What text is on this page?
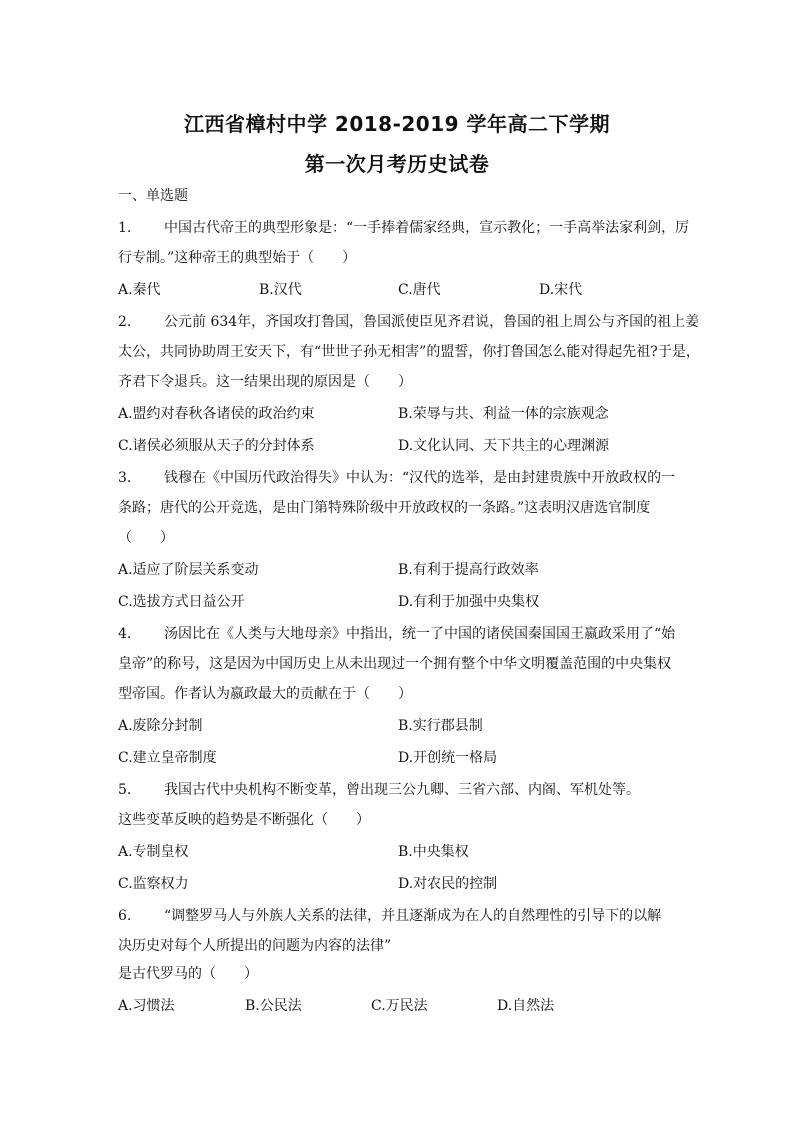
江西省樟村中学 2018-2019 学年高二下学期
第一次月考历史试卷
一、单选题
1. 中国古代帝王的典型形象是：“一手捧着儒家经典，宣示教化；一手高举法家利剑，厉
行专制。”这种帝王的典型始于（　　）
A.秦代	B.汉代	C.唐代	D.宋代
2. 公元前 634年，齐国攻打鲁国，鲁国派使臣见齐君说，鲁国的祖上周公与齐国的祖上姜
太公，共同协助周王安天下，有“世世子孙无相害”的盟誓，你打鲁国怎么能对得起先祖?于是，
齐君下令退兵。这一结果出现的原因是（　　）
A.盟约对春秋各诸侯的政治约束	B.荣辱与共、利益一体的宗族观念
C.诸侯必须服从天子的分封体系	D.文化认同、天下共主的心理渊源
3. 钱穆在《中国历代政治得失》中认为：“汉代的选举，是由封建贵族中开放政权的一
条路；唐代的公开竞选，是由门第特殊阶级中开放政权的一条路。”这表明汉唐选官制度
（　　）
A.适应了阶层关系变动	B.有利于提高行政效率
C.选拔方式日益公开	D.有利于加强中央集权
4. 汤因比在《人类与大地母亲》中指出，统一了中国的诸侯国秦国国王嬴政采用了“始
皇帝”的称号，这是因为中国历史上从未出现过一个拥有整个中华文明覆盖范围的中央集权
型帝国。作者认为嬴政最大的贡献在于（　　）
A.废除分封制	B.实行郡县制
C.建立皇帝制度	D.开创统一格局
5. 我国古代中央机构不断变革，曾出现三公九卿、三省六部、内阁、军机处等。
这些变革反映的趋势是不断强化（　　）
A.专制皇权	B.中央集权
C.监察权力	D.对农民的控制
6. “调整罗马人与外族人关系的法律，并且逐渐成为在人的自然理性的引导下的以解
决历史对每个人所提出的问题为内容的法律”
是古代罗马的（　　）
A.习惯法	B.公民法	C.万民法	D.自然法
